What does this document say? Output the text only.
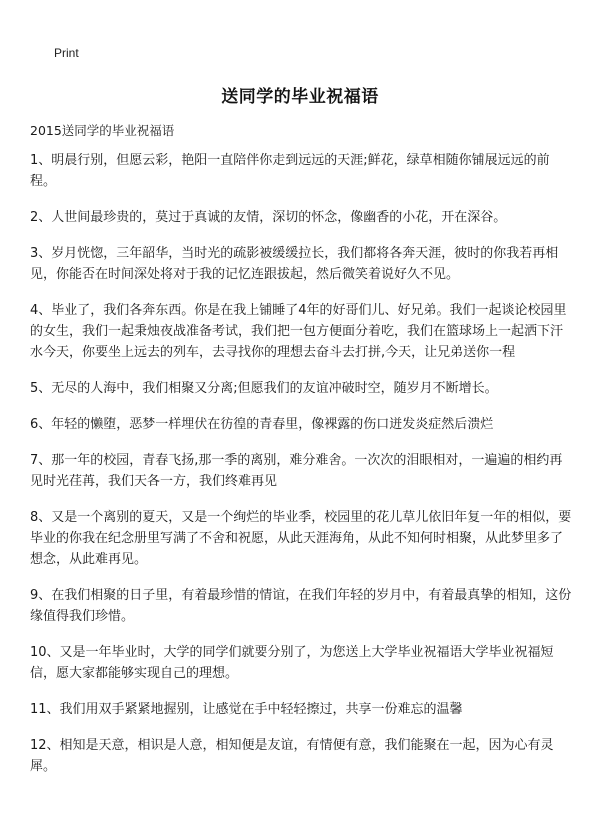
Print
送同学的毕业祝福语
2015送同学的毕业祝福语
1、明晨行别，但愿云彩，艳阳一直陪伴你走到远远的天涯;鲜花，绿草相随你铺展远远的前程。
2、人世间最珍贵的，莫过于真诚的友情，深切的怀念，像幽香的小花，开在深谷。
3、岁月恍惚，三年韶华，当时光的疏影被缓缓拉长，我们都将各奔天涯，彼时的你我若再相见，你能否在时间深处将对于我的记忆连跟拔起，然后微笑着说好久不见。
4、毕业了，我们各奔东西。你是在我上铺睡了4年的好哥们儿、好兄弟。我们一起谈论校园里的女生，我们一起秉烛夜战准备考试，我们把一包方便面分着吃，我们在篮球场上一起洒下汗水今天，你要坐上远去的列车，去寻找你的理想去奋斗去打拼,今天，让兄弟送你一程
5、无尽的人海中，我们相聚又分离;但愿我们的友谊冲破时空，随岁月不断增长。
6、年轻的懒堕，恶梦一样埋伏在彷徨的青春里，像裸露的伤口迸发炎症然后溃烂
7、那一年的校园，青春飞扬,那一季的离别，难分难舍。一次次的泪眼相对，一遍遍的相约再见时光荏苒，我们天各一方，我们终难再见
8、又是一个离别的夏天，又是一个绚烂的毕业季，校园里的花儿草儿依旧年复一年的相似，要毕业的你我在纪念册里写满了不舍和祝愿，从此天涯海角，从此不知何时相聚，从此梦里多了想念，从此难再见。
9、在我们相聚的日子里，有着最珍惜的情谊，在我们年轻的岁月中，有着最真挚的相知，这份缘值得我们珍惜。
10、又是一年毕业时，大学的同学们就要分别了，为您送上大学毕业祝福语大学毕业祝福短信，愿大家都能够实现自己的理想。
11、我们用双手紧紧地握别，让感觉在手中轻轻擦过，共享一份难忘的温馨
12、相知是天意，相识是人意，相知便是友谊，有情便有意，我们能聚在一起，因为心有灵犀。
